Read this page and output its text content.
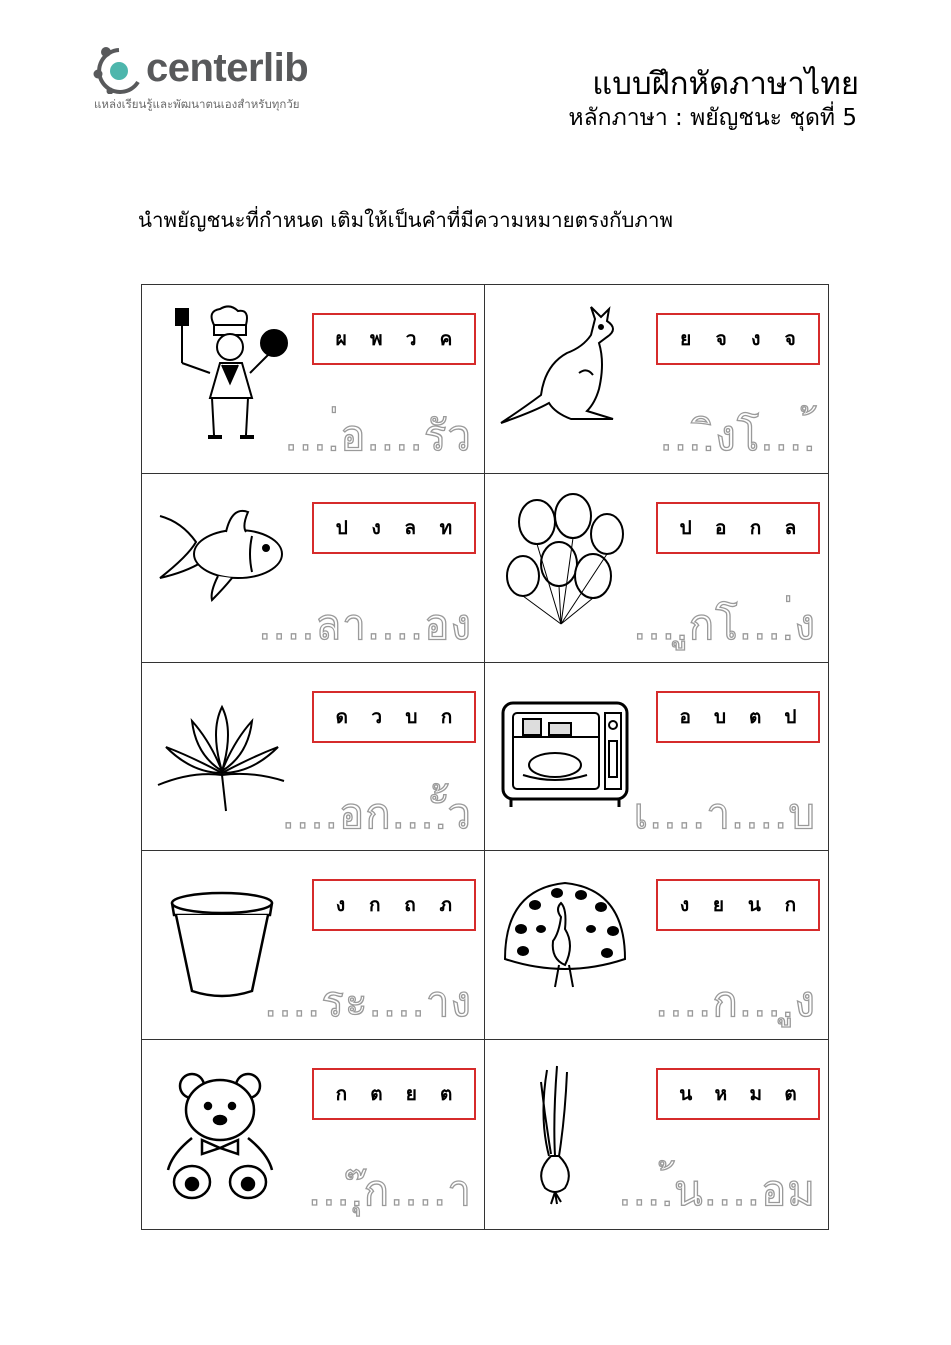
centerlib
แหล่งเรียนรู้และพัฒนาตนเองสำหรับทุกวัย
แบบฝึกหัดภาษาไทย
หลักภาษา : พยัญชนะ ชุดที่ 5
นำพยัญชนะที่กำหนด เติมให้เป็นคำที่มีความหมายตรงกับภาพ
ผ พ ว ค
....่อ....รัว
ย จ ง จ
....ิงโ....้
ป ง ล ท
....ลา....อง
ป อ ก ล
....ูกโ....่ง
ด ว บ ก
....อก....ั้ว
อ บ ต ป
เ....า....บ
ง ก ถ ภ
....ระ....าง
ง ย น ก
....ก....ูง
ก ต ย ต
....ุ๊ก....า
น ห ม ต
....้น....อม
